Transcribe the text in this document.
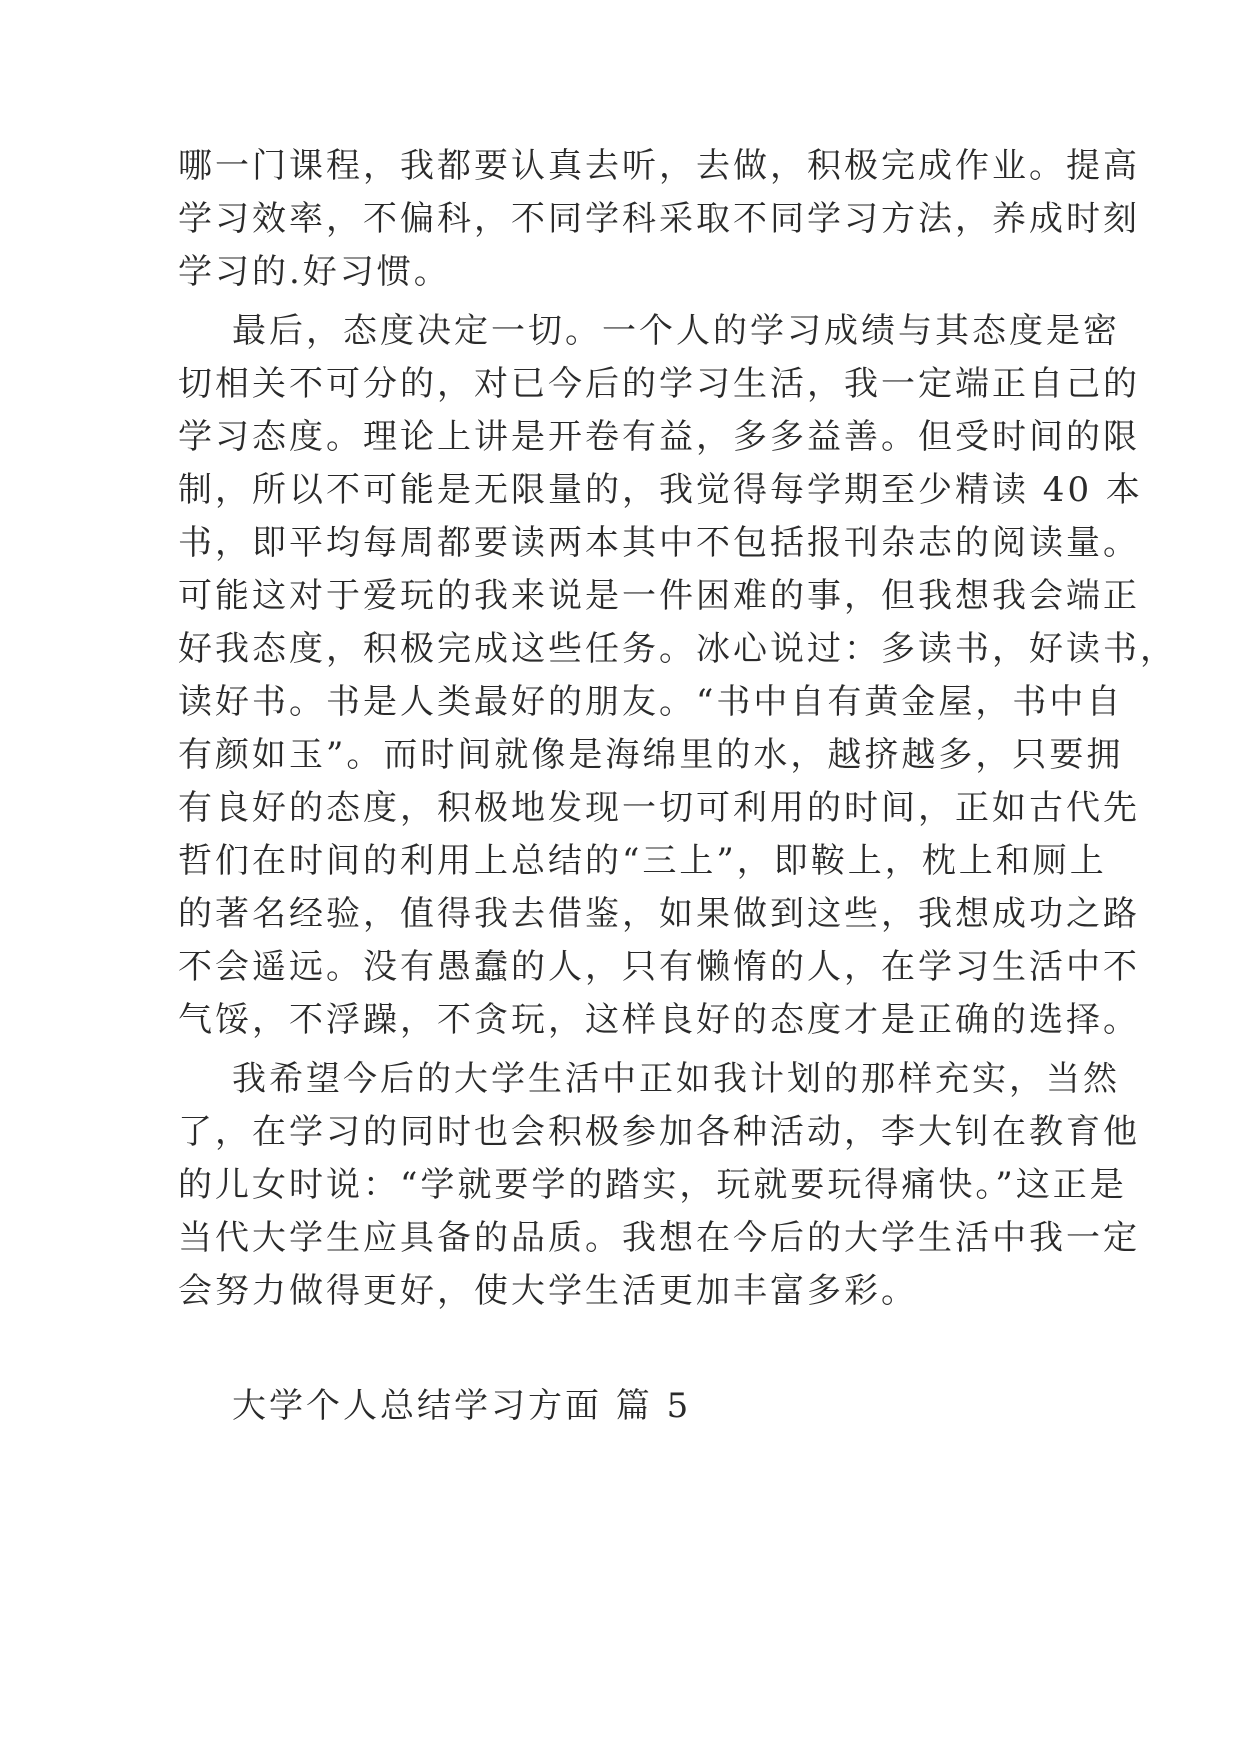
哪一门课程，我都要认真去听，去做，积极完成作业。提高
学习效率，不偏科，不同学科采取不同学习方法，养成时刻
学习的.好习惯。
最后，态度决定一切。一个人的学习成绩与其态度是密
切相关不可分的，对已今后的学习生活，我一定端正自己的
学习态度。理论上讲是开卷有益，多多益善。但受时间的限
制，所以不可能是无限量的，我觉得每学期至少精读 40 本
书，即平均每周都要读两本其中不包括报刊杂志的阅读量。
可能这对于爱玩的我来说是一件困难的事，但我想我会端正
好我态度，积极完成这些任务。冰心说过：多读书，好读书，
读好书。书是人类最好的朋友。“书中自有黄金屋，书中自
有颜如玉”。而时间就像是海绵里的水，越挤越多，只要拥
有良好的态度，积极地发现一切可利用的时间，正如古代先
哲们在时间的利用上总结的“三上”，即鞍上，枕上和厕上
的著名经验，值得我去借鉴，如果做到这些，我想成功之路
不会遥远。没有愚蠢的人，只有懒惰的人，在学习生活中不
气馁，不浮躁，不贪玩，这样良好的态度才是正确的选择。
我希望今后的大学生活中正如我计划的那样充实，当然
了，在学习的同时也会积极参加各种活动，李大钊在教育他
的儿女时说：“学就要学的踏实，玩就要玩得痛快。”这正是
当代大学生应具备的品质。我想在今后的大学生活中我一定
会努力做得更好，使大学生活更加丰富多彩。
大学个人总结学习方面 篇 5
